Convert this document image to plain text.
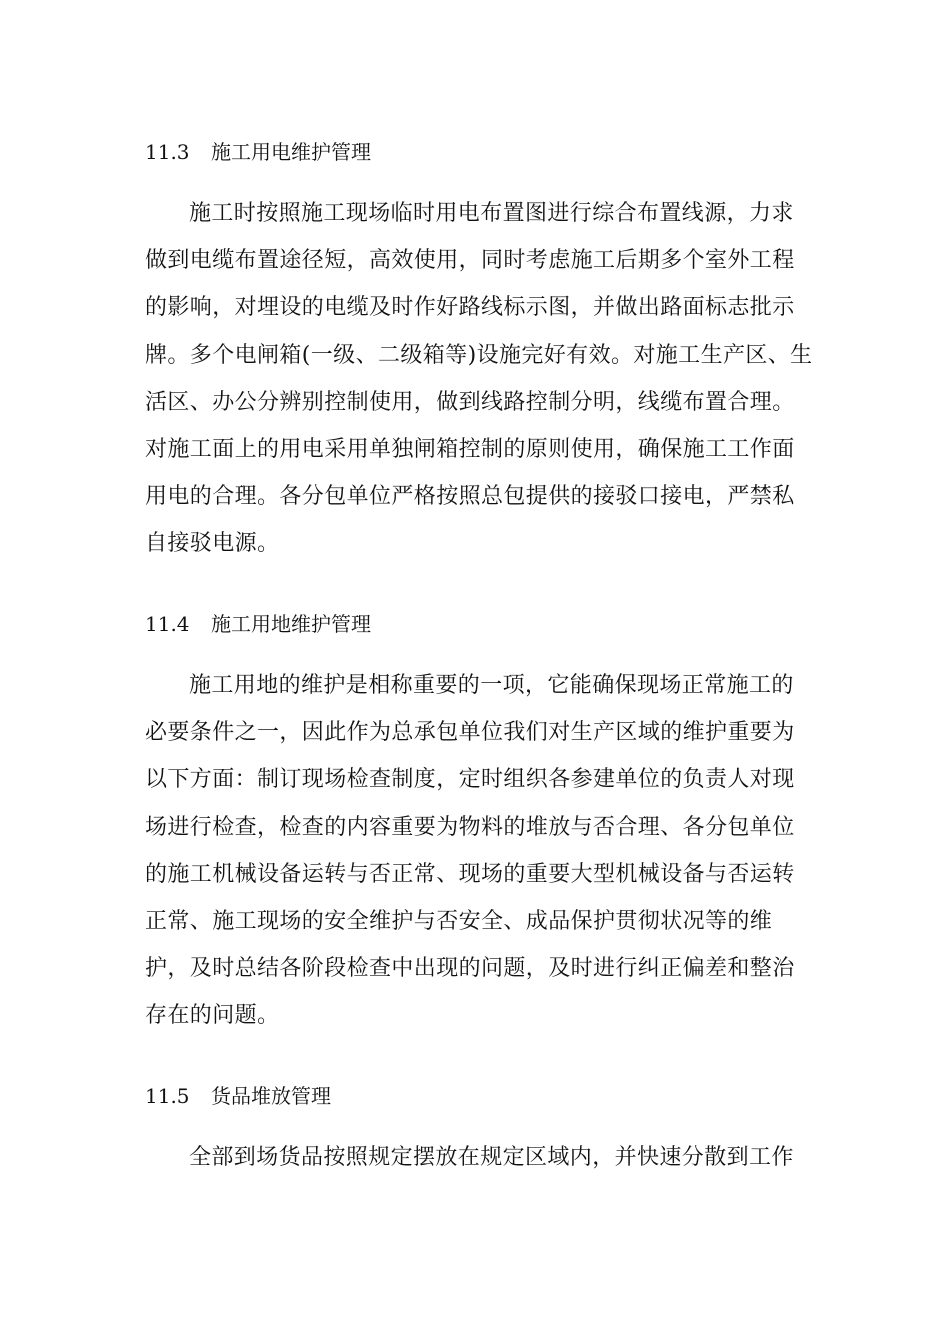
11.3 施工用电维护管理
施工时按照施工现场临时用电布置图进行综合布置线源，力求做到电缆布置途径短，高效使用，同时考虑施工后期多个室外工程的影响，对埋设的电缆及时作好路线标示图，并做出路面标志批示牌。多个电闸箱(一级、二级箱等)设施完好有效。对施工生产区、生活区、办公分辨别控制使用，做到线路控制分明，线缆布置合理。对施工面上的用电采用单独闸箱控制的原则使用，确保施工工作面用电的合理。各分包单位严格按照总包提供的接驳口接电，严禁私自接驳电源。
11.4 施工用地维护管理
施工用地的维护是相称重要的一项，它能确保现场正常施工的必要条件之一，因此作为总承包单位我们对生产区域的维护重要为以下方面：制订现场检查制度，定时组织各参建单位的负责人对现场进行检查，检查的内容重要为物料的堆放与否合理、各分包单位的施工机械设备运转与否正常、现场的重要大型机械设备与否运转正常、施工现场的安全维护与否安全、成品保护贯彻状况等的维护，及时总结各阶段检查中出现的问题，及时进行纠正偏差和整治存在的问题。
11.5 货品堆放管理
全部到场货品按照规定摆放在规定区域内，并快速分散到工作
